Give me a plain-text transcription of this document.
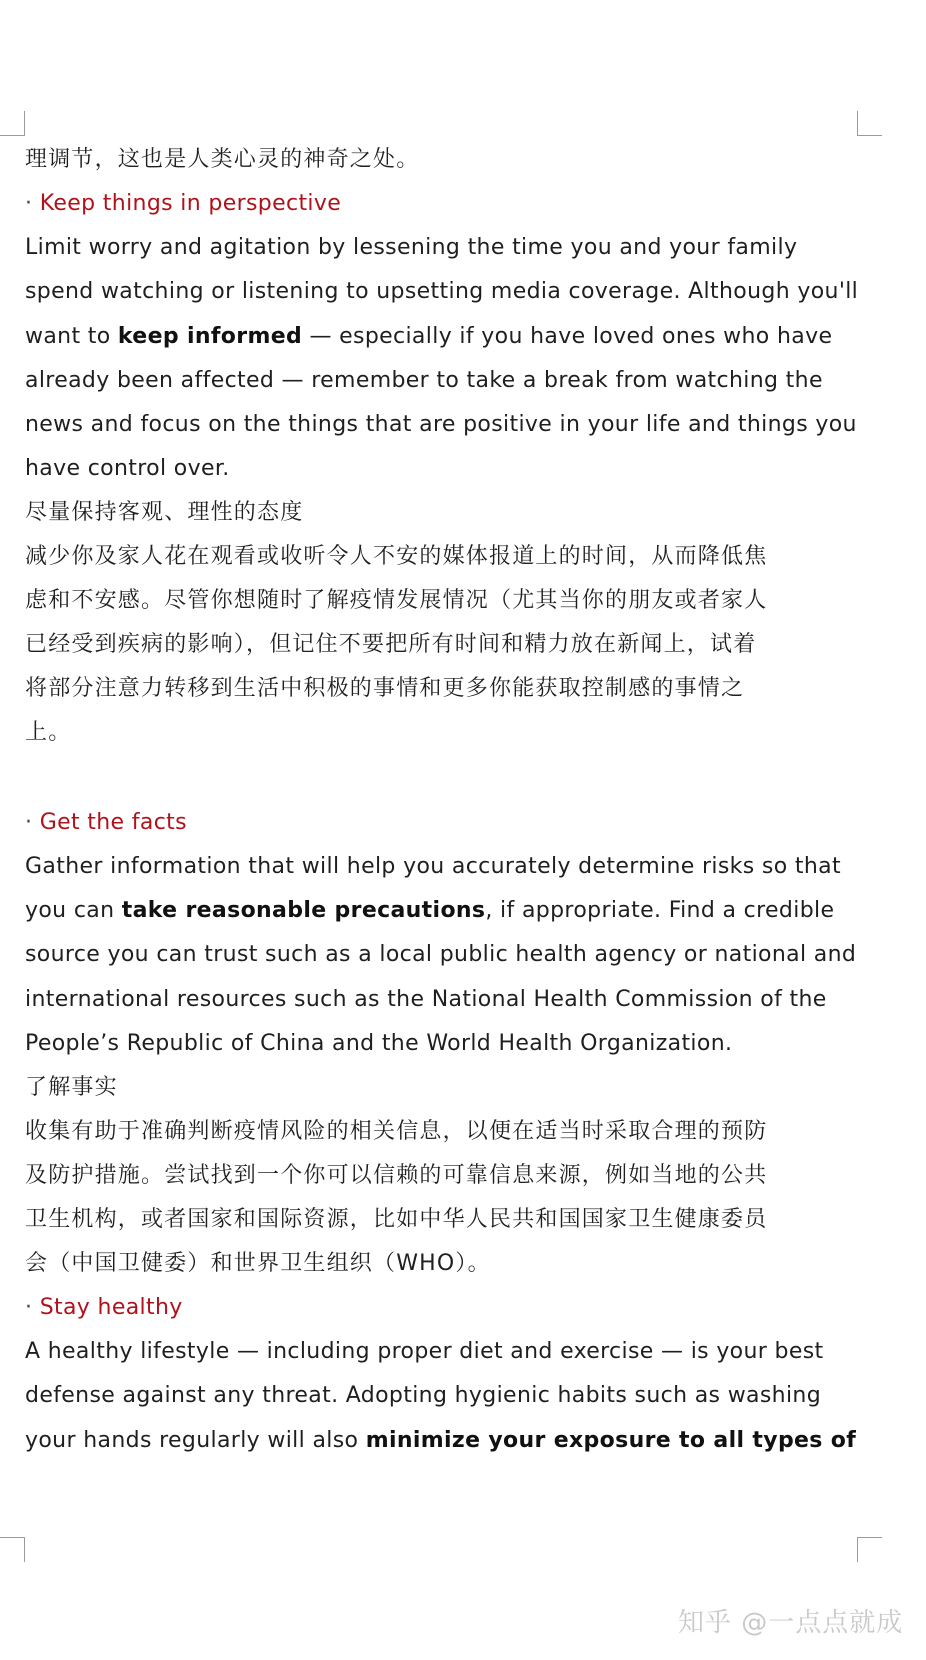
理调节，这也是人类心灵的神奇之处。
· Keep things in perspective
Limit worry and agitation by lessening the time you and your family
spend watching or listening to upsetting media coverage. Although you'll
want to keep informed — especially if you have loved ones who have
already been affected — remember to take a break from watching the
news and focus on the things that are positive in your life and things you
have control over.
尽量保持客观、理性的态度
减少你及家人花在观看或收听令人不安的媒体报道上的时间，从而降低焦
虑和不安感。尽管你想随时了解疫情发展情况（尤其当你的朋友或者家人
已经受到疾病的影响），但记住不要把所有时间和精力放在新闻上，试着
将部分注意力转移到生活中积极的事情和更多你能获取控制感的事情之
上。
· Get the facts
Gather information that will help you accurately determine risks so that
you can take reasonable precautions, if appropriate. Find a credible
source you can trust such as a local public health agency or national and
international resources such as the National Health Commission of the
People’s Republic of China and the World Health Organization.
了解事实
收集有助于准确判断疫情风险的相关信息，以便在适当时采取合理的预防
及防护措施。尝试找到一个你可以信赖的可靠信息来源，例如当地的公共
卫生机构，或者国家和国际资源，比如中华人民共和国国家卫生健康委员
会（中国卫健委）和世界卫生组织（WHO）。
· Stay healthy
A healthy lifestyle — including proper diet and exercise — is your best
defense against any threat. Adopting hygienic habits such as washing
your hands regularly will also minimize your exposure to all types of
知乎 @一点点就成
